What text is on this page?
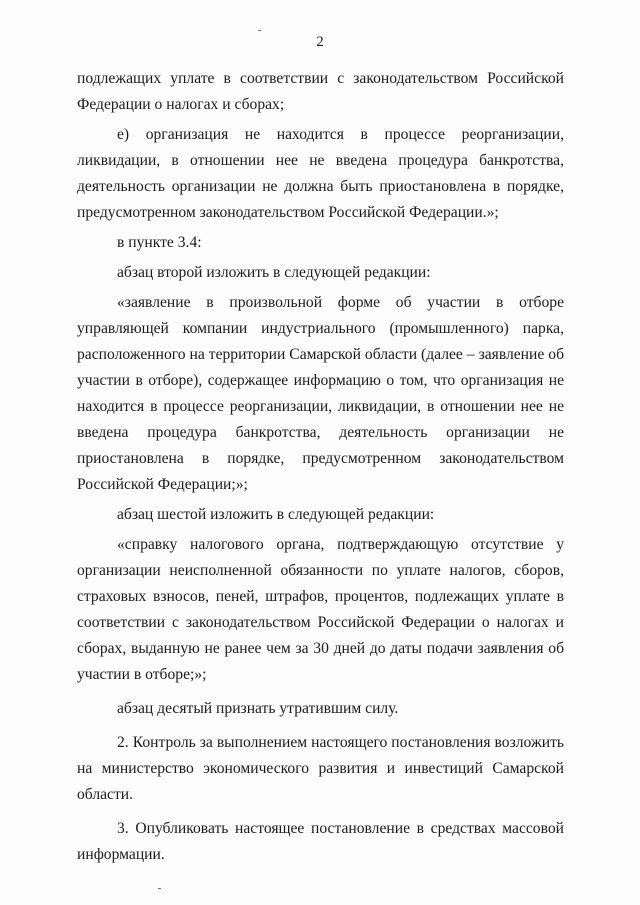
2

подлежащих уплате в соответствии с законодательством Российской Федерации о налогах и сборах;

е) организация не находится в процессе реорганизации, ликвидации, в отношении нее не введена процедура банкротства, деятельность организации не должна быть приостановлена в порядке, предусмотренном законодательством Российской Федерации.»;

в пункте 3.4:

абзац второй изложить в следующей редакции:

«заявление в произвольной форме об участии в отборе управляющей компании индустриального (промышленного) парка, расположенного на территории Самарской области (далее – заявление об участии в отборе), содержащее информацию о том, что организация не находится в процессе реорганизации, ликвидации, в отношении нее не введена процедура банкротства, деятельность организации не приостановлена в порядке, предусмотренном законодательством Российской Федерации;»;

абзац шестой изложить в следующей редакции:

«справку налогового органа, подтверждающую отсутствие у организации неисполненной обязанности по уплате налогов, сборов, страховых взносов, пеней, штрафов, процентов, подлежащих уплате в соответствии с законодательством Российской Федерации о налогах и сборах, выданную не ранее чем за 30 дней до даты подачи заявления об участии в отборе;»;

абзац десятый признать утратившим силу.

2. Контроль за выполнением настоящего постановления возложить на министерство экономического развития и инвестиций Самарской области.

3. Опубликовать настоящее постановление в средствах массовой информации.
